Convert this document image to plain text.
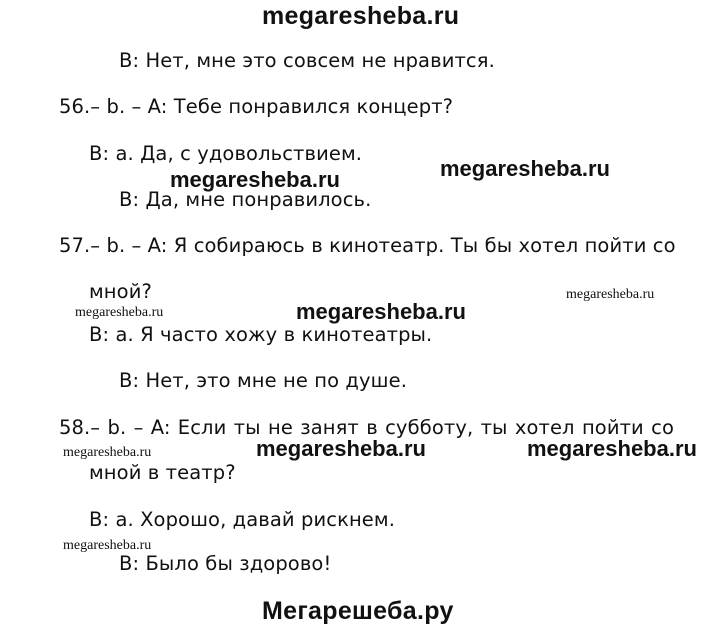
megaresheba.ru
B: Нет, мне это совсем не нравится.
56.– b. – A: Тебе понравился концерт?
B: a. Да, с удовольствием.
megaresheba.ru
megaresheba.ru
B: Да, мне понравилось.
57.– b. – A: Я собираюсь в кинотеатр. Ты бы хотел пойти со
мной?	megaresheba.ru
megaresheba.ru
megaresheba.ru
B: a. Я часто хожу в кинотеатры.
B: Нет, это мне не по душе.
58.– b. – A: Если ты не занят в субботу, ты хотел пойти со
megaresheba.ru	megaresheba.ru	megaresheba.ru
мной в театр?
B: a. Хорошо, давай рискнем.
megaresheba.ru
B: Было бы здорово!
Мегарешеба.ру
